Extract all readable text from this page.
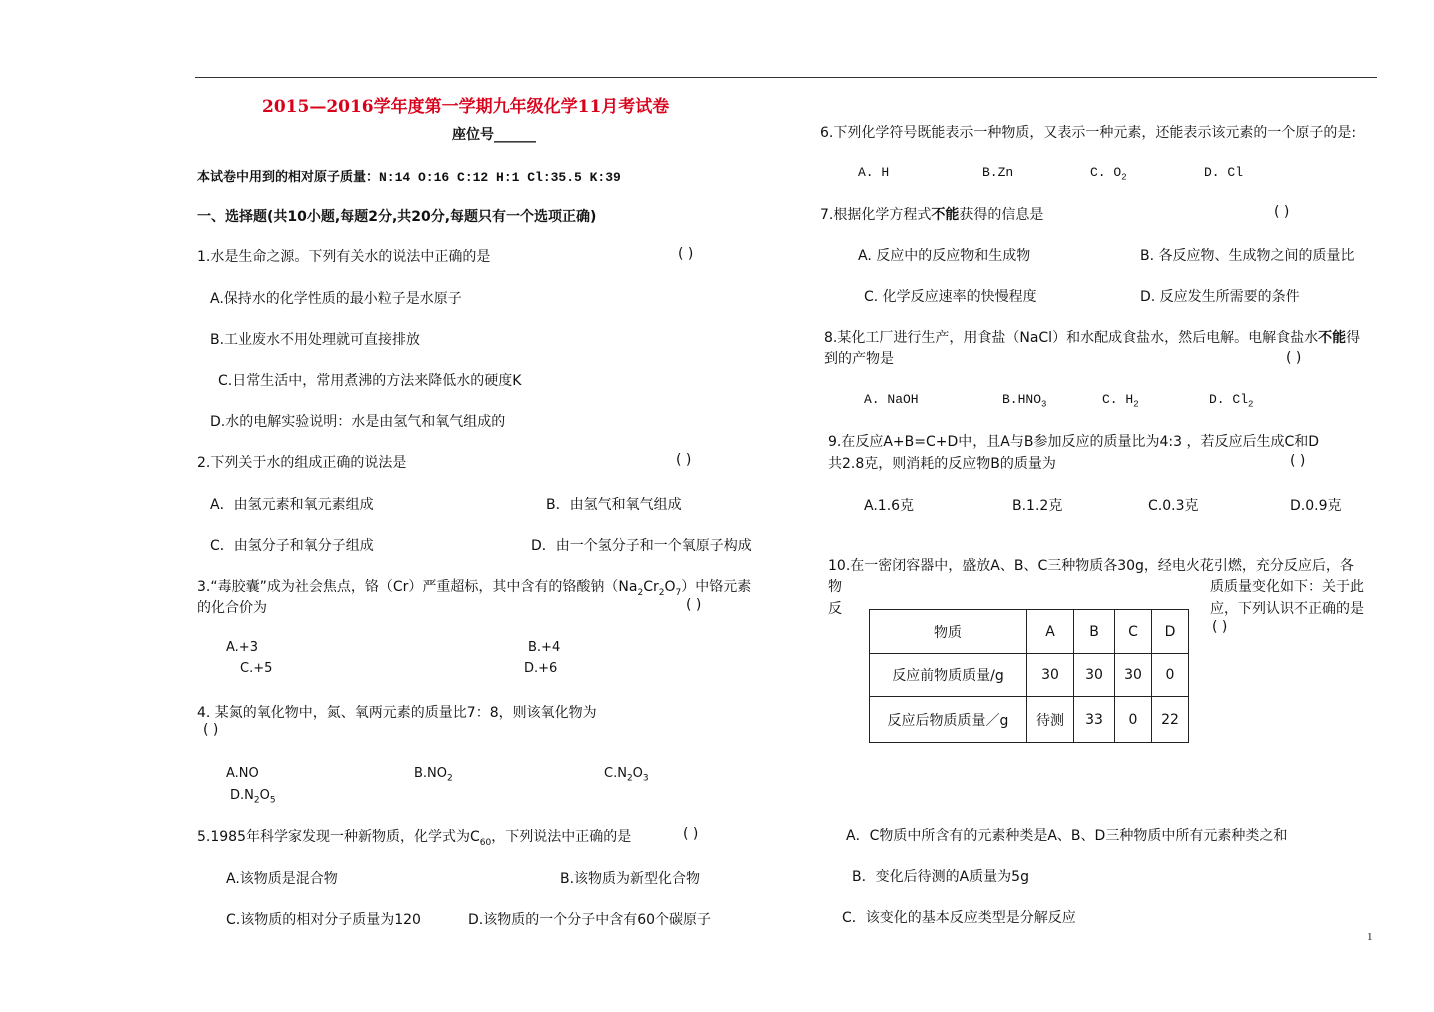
2015—2016学年度第一学期九年级化学11月考试卷
座位号______
本试卷中用到的相对原子质量：N:14 O:16 C:12 H:1 Cl:35.5 K:39
一、选择题(共10小题,每题2分,共20分,每题只有一个选项正确)
1.水是生命之源。下列有关水的说法中正确的是	( )
A.保持水的化学性质的最小粒子是水原子
B.工业废水不用处理就可直接排放
C.日常生活中，常用煮沸的方法来降低水的硬度K
D.水的电解实验说明：水是由氢气和氧气组成的
2.下列关于水的组成正确的说法是	( )
A．由氢元素和氧元素组成	B．由氢气和氧气组成
C．由氢分子和氧分子组成	D．由一个氢分子和一个氧原子构成
3.“毒胶囊”成为社会焦点，铬（Cr）严重超标，其中含有的铬酸钠$(Na_2Cr_2O_7)$中铬元素
的化合价为	( )
A.+3	B.+4
C.+5	D.+6
4. 某氮的氧化物中，氮、氧两元素的质量比7：8，则该氧化物为
( )
A.NO	$B.NO_2$	$C.N_2O_3$
$D.N_2O_5$
5.1985年科学家发现一种新物质，化学式为$C_{60}$，下列说法中正确的是	( )
A.该物质是混合物	B.该物质为新型化合物
C.该物质的相对分子质量为120	D.该物质的一个分子中含有60个碳原子
6.下列化学符号既能表示一种物质，又表示一种元素，还能表示该元素的一个原子的是:
A. H	B.Zn	C. $O_2$	D. Cl
7.根据化学方程式不能获得的信息是	( )
A. 反应中的反应物和生成物	B. 各反应物、生成物之间的质量比
C. 化学反应速率的快慢程度	D. 反应发生所需要的条件
8.某化工厂进行生产，用食盐（NaCl）和水配成食盐水，然后电解。电解食盐水不能得
到的产物是	( )
A. NaOH	$B.HNO_3$	C. $H_2$	D. $Cl_2$
9.在反应A+B=C+D中，且A与B参加反应的质量比为4:3 ，若反应后生成C和D
共2.8克，则消耗的反应物B的质量为	( )
A.1.6克	B.1.2克	C.0.3克	D.0.9克
10.在一密闭容器中，盛放A、B、C三种物质各30g，经电火花引燃，充分反应后，各
物
反
质质量变化如下：关于此
应，下列认识不正确的是
( )
物质	A	B	C	D
反应前物质质量/g	30	30	30	0
反应后物质质量／g	待测	33	0	22
A．C物质中所含有的元素种类是A、B、D三种物质中所有元素种类之和
B．变化后待测的A质量为5g
C．该变化的基本反应类型是分解反应
1
